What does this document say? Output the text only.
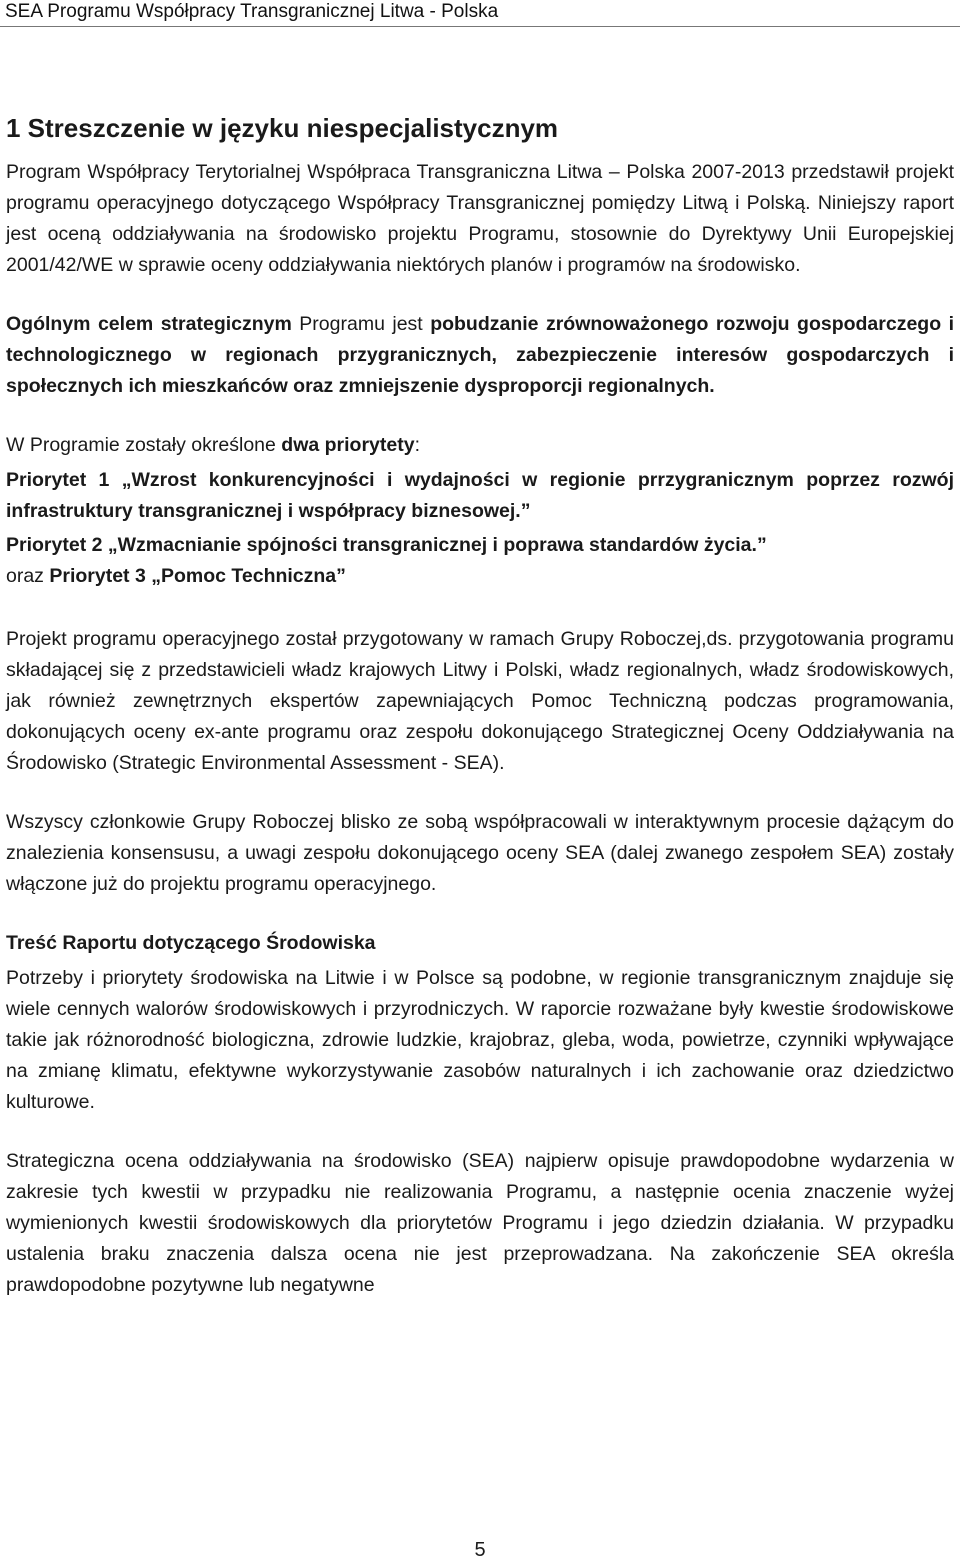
SEA Programu Współpracy Transgranicznej Litwa - Polska
1 Streszczenie w języku niespecjalistycznym

Program Współpracy Terytorialnej Współpraca Transgraniczna Litwa – Polska 2007-2013 przedstawił projekt programu operacyjnego dotyczącego Współpracy Transgranicznej pomiędzy Litwą i Polską. Niniejszy raport jest oceną oddziaływania na środowisko projektu Programu, stosownie do Dyrektywy Unii Europejskiej 2001/42/WE w sprawie oceny oddziaływania niektórych planów i programów na środowisko.

Ogólnym celem strategicznym Programu jest pobudzanie zrównoważonego rozwoju gospodarczego i technologicznego w regionach przygranicznych, zabezpieczenie interesów gospodarczych i społecznych ich mieszkańców oraz zmniejszenie dysproporcji regionalnych.

W Programie zostały określone dwa priorytety:

Priorytet 1 „Wzrost konkurencyjności i wydajności w regionie prrzygranicznym poprzez rozwój infrastruktury transgranicznej i współpracy biznesowej.”

Priorytet 2 „Wzmacnianie spójności transgranicznej i poprawa standardów życia.”

oraz Priorytet 3 „Pomoc Techniczna”

Projekt programu operacyjnego został przygotowany w ramach Grupy Roboczej,ds. przygotowania programu składającej się z przedstawicieli władz krajowych Litwy i Polski, władz regionalnych, władz środowiskowych, jak również zewnętrznych ekspertów zapewniających Pomoc Techniczną podczas programowania, dokonujących oceny ex-ante programu oraz zespołu dokonującego Strategicznej Oceny Oddziaływania na Środowisko (Strategic Environmental Assessment - SEA).

Wszyscy członkowie Grupy Roboczej blisko ze sobą współpracowali w interaktywnym procesie dążącym do znalezienia konsensusu, a uwagi zespołu dokonującego oceny SEA (dalej zwanego zespołem SEA) zostały włączone już do projektu programu operacyjnego.

Treść Raportu dotyczącego Środowiska

Potrzeby i priorytety środowiska na Litwie i w Polsce są podobne, w regionie transgranicznym znajduje się wiele cennych walorów środowiskowych i przyrodniczych. W raporcie rozważane były kwestie środowiskowe takie jak różnorodność biologiczna, zdrowie ludzkie, krajobraz, gleba, woda, powietrze, czynniki wpływające na zmianę klimatu, efektywne wykorzystywanie zasobów naturalnych i ich zachowanie oraz dziedzictwo kulturowe.

Strategiczna ocena oddziaływania na środowisko (SEA) najpierw opisuje prawdopodobne wydarzenia w zakresie tych kwestii w przypadku nie realizowania Programu, a następnie ocenia znaczenie wyżej wymienionych kwestii środowiskowych dla priorytetów Programu i jego dziedzin działania. W przypadku ustalenia braku znaczenia dalsza ocena nie jest przeprowadzana. Na zakończenie SEA określa prawdopodobne pozytywne lub negatywne

5
